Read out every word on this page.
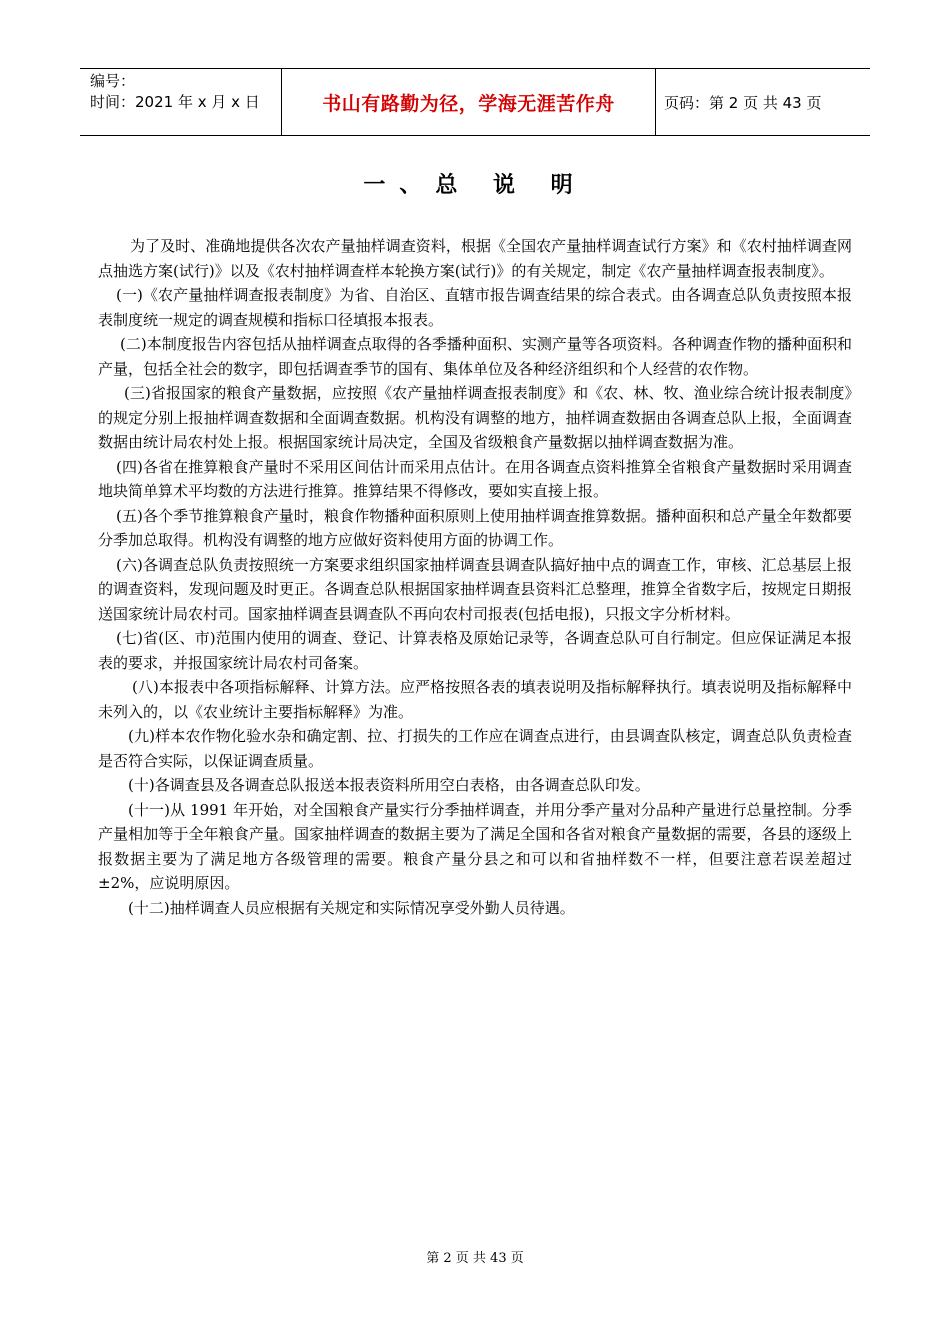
编号：
时间：2021 年 x 月 x 日	书山有路勤为径，学海无涯苦作舟	页码：第 2 页 共 43 页
一、总 说 明

为了及时、准确地提供各次农产量抽样调查资料，根据《全国农产量抽样调查试行方案》和《农村抽样调查网点抽选方案(试行)》以及《农村抽样调查样本轮换方案(试行)》的有关规定，制定《农产量抽样调查报表制度》。

(一)《农产量抽样调查报表制度》为省、自治区、直辖市报告调查结果的综合表式。由各调查总队负责按照本报表制度统一规定的调查规模和指标口径填报本报表。

(二)本制度报告内容包括从抽样调查点取得的各季播种面积、实测产量等各项资料。各种调查作物的播种面积和产量，包括全社会的数字，即包括调查季节的国有、集体单位及各种经济组织和个人经营的农作物。

(三)省报国家的粮食产量数据，应按照《农产量抽样调查报表制度》和《农、林、牧、渔业综合统计报表制度》的规定分别上报抽样调查数据和全面调查数据。机构没有调整的地方，抽样调查数据由各调查总队上报，全面调查数据由统计局农村处上报。根据国家统计局决定，全国及省级粮食产量数据以抽样调查数据为准。

(四)各省在推算粮食产量时不采用区间估计而采用点估计。在用各调查点资料推算全省粮食产量数据时采用调查地块简单算术平均数的方法进行推算。推算结果不得修改，要如实直接上报。

(五)各个季节推算粮食产量时，粮食作物播种面积原则上使用抽样调查推算数据。播种面积和总产量全年数都要分季加总取得。机构没有调整的地方应做好资料使用方面的协调工作。

(六)各调查总队负责按照统一方案要求组织国家抽样调查县调查队搞好抽中点的调查工作，审核、汇总基层上报的调查资料，发现问题及时更正。各调查总队根据国家抽样调查县资料汇总整理，推算全省数字后，按规定日期报送国家统计局农村司。国家抽样调查县调查队不再向农村司报表(包括电报)，只报文字分析材料。

(七)省(区、市)范围内使用的调查、登记、计算表格及原始记录等，各调查总队可自行制定。但应保证满足本报表的要求，并报国家统计局农村司备案。

(八)本报表中各项指标解释、计算方法。应严格按照各表的填表说明及指标解释执行。填表说明及指标解释中未列入的，以《农业统计主要指标解释》为准。

(九)样本农作物化验水杂和确定割、拉、打损失的工作应在调查点进行，由县调查队核定，调查总队负责检查是否符合实际，以保证调查质量。

(十)各调查县及各调查总队报送本报表资料所用空白表格，由各调查总队印发。

(十一)从 1991 年开始，对全国粮食产量实行分季抽样调查，并用分季产量对分品种产量进行总量控制。分季产量相加等于全年粮食产量。国家抽样调查的数据主要为了满足全国和各省对粮食产量数据的需要，各县的逐级上报数据主要为了满足地方各级管理的需要。粮食产量分县之和可以和省抽样数不一样，但要注意若误差超过±2%，应说明原因。

(十二)抽样调查人员应根据有关规定和实际情况享受外勤人员待遇。

第 2 页 共 43 页
